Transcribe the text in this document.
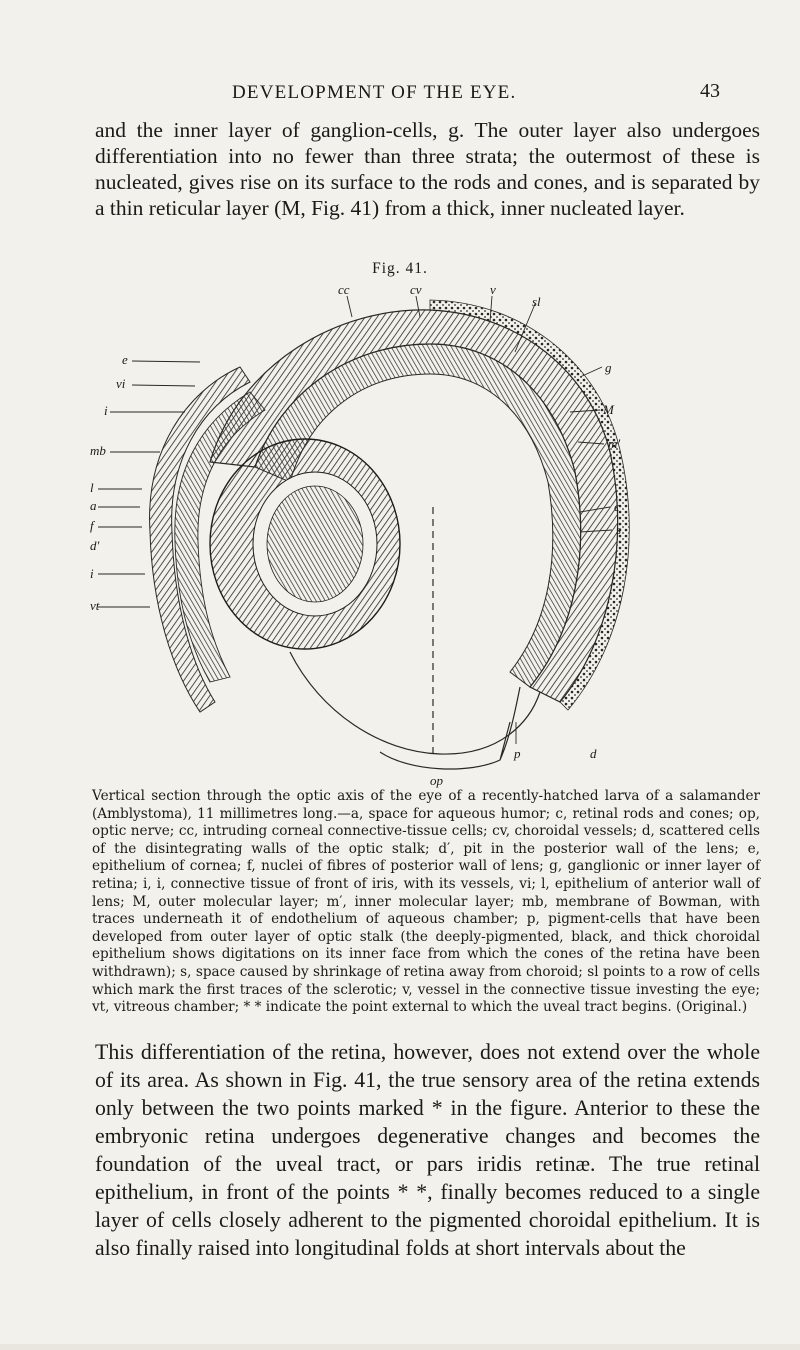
DEVELOPMENT OF THE EYE.	43
and the inner layer of ganglion-cells, g. The outer layer also undergoes differentiation into no fewer than three strata; the outermost of these is nucleated, gives rise on its surface to the rods and cones, and is separated by a thin reticular layer (M, Fig. 41) from a thick, inner nucleated layer.
Fig. 41.
cc	cv	v
sl
g
M
m′
c
s
e
vi
i
mb
l
a
f
d′
i
vt
p	d
op
Vertical section through the optic axis of the eye of a recently-hatched larva of a salamander (Amblystoma), 11 millimetres long.—a, space for aqueous humor; c, retinal rods and cones; op, optic nerve; cc, intruding corneal connective-tissue cells; cv, choroidal vessels; d, scattered cells of the disintegrating walls of the optic stalk; d′, pit in the posterior wall of the lens; e, epithelium of cornea; f, nuclei of fibres of posterior wall of lens; g, ganglionic or inner layer of retina; i, i, connective tissue of front of iris, with its vessels, vi; l, epithelium of anterior wall of lens; M, outer molecular layer; m′, inner molecular layer; mb, membrane of Bowman, with traces underneath it of endothelium of aqueous chamber; p, pigment-cells that have been developed from outer layer of optic stalk (the deeply-pigmented, black, and thick choroidal epithelium shows digitations on its inner face from which the cones of the retina have been withdrawn); s, space caused by shrinkage of retina away from choroid; sl points to a row of cells which mark the first traces of the sclerotic; v, vessel in the connective tissue investing the eye; vt, vitreous chamber; * * indicate the point external to which the uveal tract begins. (Original.)
This differentiation of the retina, however, does not extend over the whole of its area. As shown in Fig. 41, the true sensory area of the retina extends only between the two points marked * in the figure. Anterior to these the embryonic retina undergoes degenerative changes and becomes the foundation of the uveal tract, or pars iridis retinæ. The true retinal epithelium, in front of the points * *, finally becomes reduced to a single layer of cells closely adherent to the pigmented choroidal epithelium. It is also finally raised into longitudinal folds at short intervals about the
